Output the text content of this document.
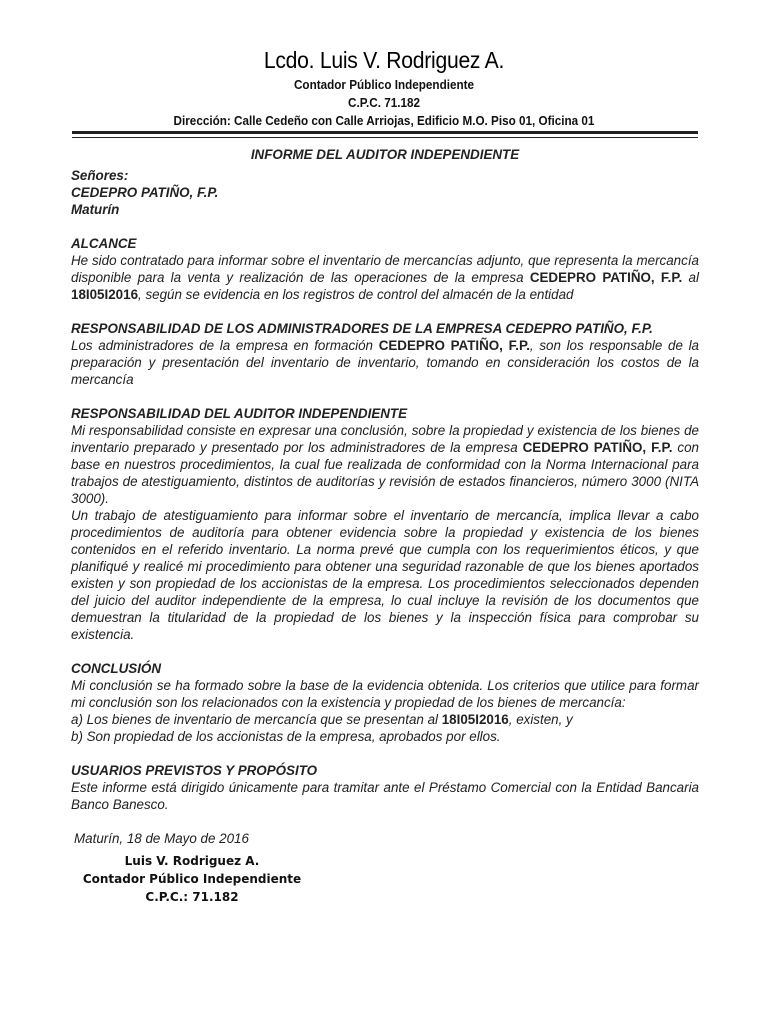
Lcdo. Luis V. Rodriguez A.
Contador Público Independiente
C.P.C. 71.182
Dirección: Calle Cedeño con Calle Arriojas, Edificio M.O. Piso 01, Oficina 01

INFORME DEL AUDITOR INDEPENDIENTE

Señores:

CEDEPRO PATIÑO, F.P.

Maturín

ALCANCE

He sido contratado para informar sobre el inventario de mercancías adjunto, que representa la mercancía disponible para la venta y realización de las operaciones de la empresa CEDEPRO PATIÑO, F.P. al 18I05I2016, según se evidencia en los registros de control del almacén de la entidad

RESPONSABILIDAD DE LOS ADMINISTRADORES DE LA EMPRESA CEDEPRO PATIÑO, F.P.

Los administradores de la empresa en formación CEDEPRO PATIÑO, F.P., son los responsable de la preparación y presentación del inventario de inventario, tomando en consideración los costos de la mercancía

RESPONSABILIDAD DEL AUDITOR INDEPENDIENTE

Mi responsabilidad consiste en expresar una conclusión, sobre la propiedad y existencia de los bienes de inventario preparado y presentado por los administradores de la empresa CEDEPRO PATIÑO, F.P. con base en nuestros procedimientos, la cual fue realizada de conformidad con la Norma Internacional para trabajos de atestiguamiento, distintos de auditorías y revisión de estados financieros, número 3000 (NITA 3000).

Un trabajo de atestiguamiento para informar sobre el inventario de mercancía, implica llevar a cabo procedimientos de auditoría para obtener evidencia sobre la propiedad y existencia de los bienes contenidos en el referido inventario. La norma prevé que cumpla con los requerimientos éticos, y que planifiqué y realicé mi procedimiento para obtener una seguridad razonable de que los bienes aportados existen y son propiedad de los accionistas de la empresa. Los procedimientos seleccionados dependen del juicio del auditor independiente de la empresa, lo cual incluye la revisión de los documentos que demuestran la titularidad de la propiedad de los bienes y la inspección física para comprobar su existencia.

CONCLUSIÓN

Mi conclusión se ha formado sobre la base de la evidencia obtenida. Los criterios que utilice para formar mi conclusión son los relacionados con la existencia y propiedad de los bienes de mercancía:

a) Los bienes de inventario de mercancía que se presentan al 18I05I2016, existen, y

b) Son propiedad de los accionistas de la empresa, aprobados por ellos.

USUARIOS PREVISTOS Y PROPÓSITO

Este informe está dirigido únicamente para tramitar ante el Préstamo Comercial con la Entidad Bancaria Banco Banesco.

Maturín, 18 de Mayo de 2016

Luis V. Rodriguez A.
Contador Público Independiente
C.P.C.: 71.182
